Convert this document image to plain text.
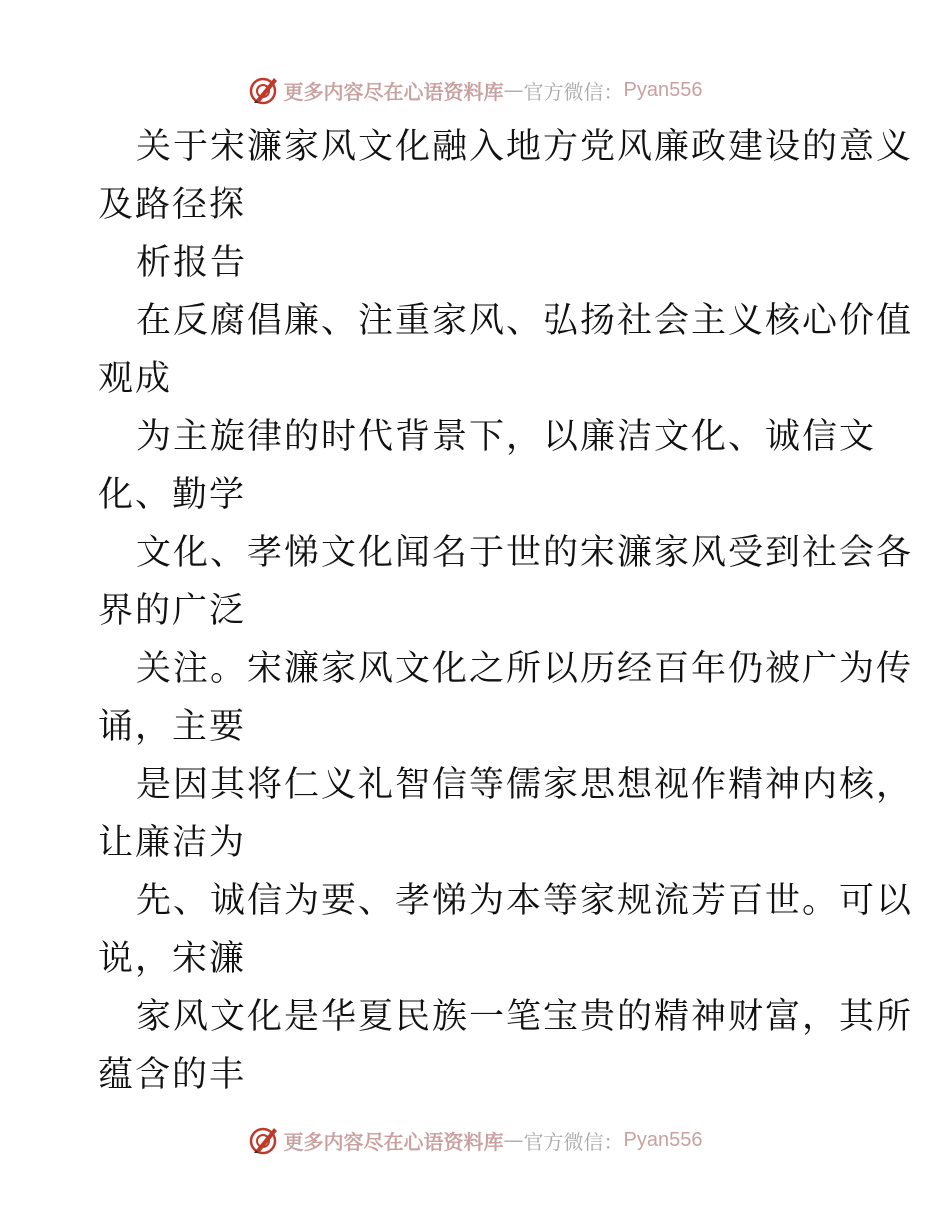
更多内容尽在心语资料库 — 官方微信： Pyan556
关于宋濂家风文化融入地方党风廉政建设的意义
及路径探
析报告
在反腐倡廉、注重家风、弘扬社会主义核心价值
观成
为主旋律的时代背景下，以廉洁文化、诚信文
化、勤学
文化、孝悌文化闻名于世的宋濂家风受到社会各
界的广泛
关注。宋濂家风文化之所以历经百年仍被广为传
诵，主要
是因其将仁义礼智信等儒家思想视作精神内核，
让廉洁为
先、诚信为要、孝悌为本等家规流芳百世。可以
说，宋濂
家风文化是华夏民族一笔宝贵的精神财富，其所
蕴含的丰
更多内容尽在心语资料库 — 官方微信： Pyan556
